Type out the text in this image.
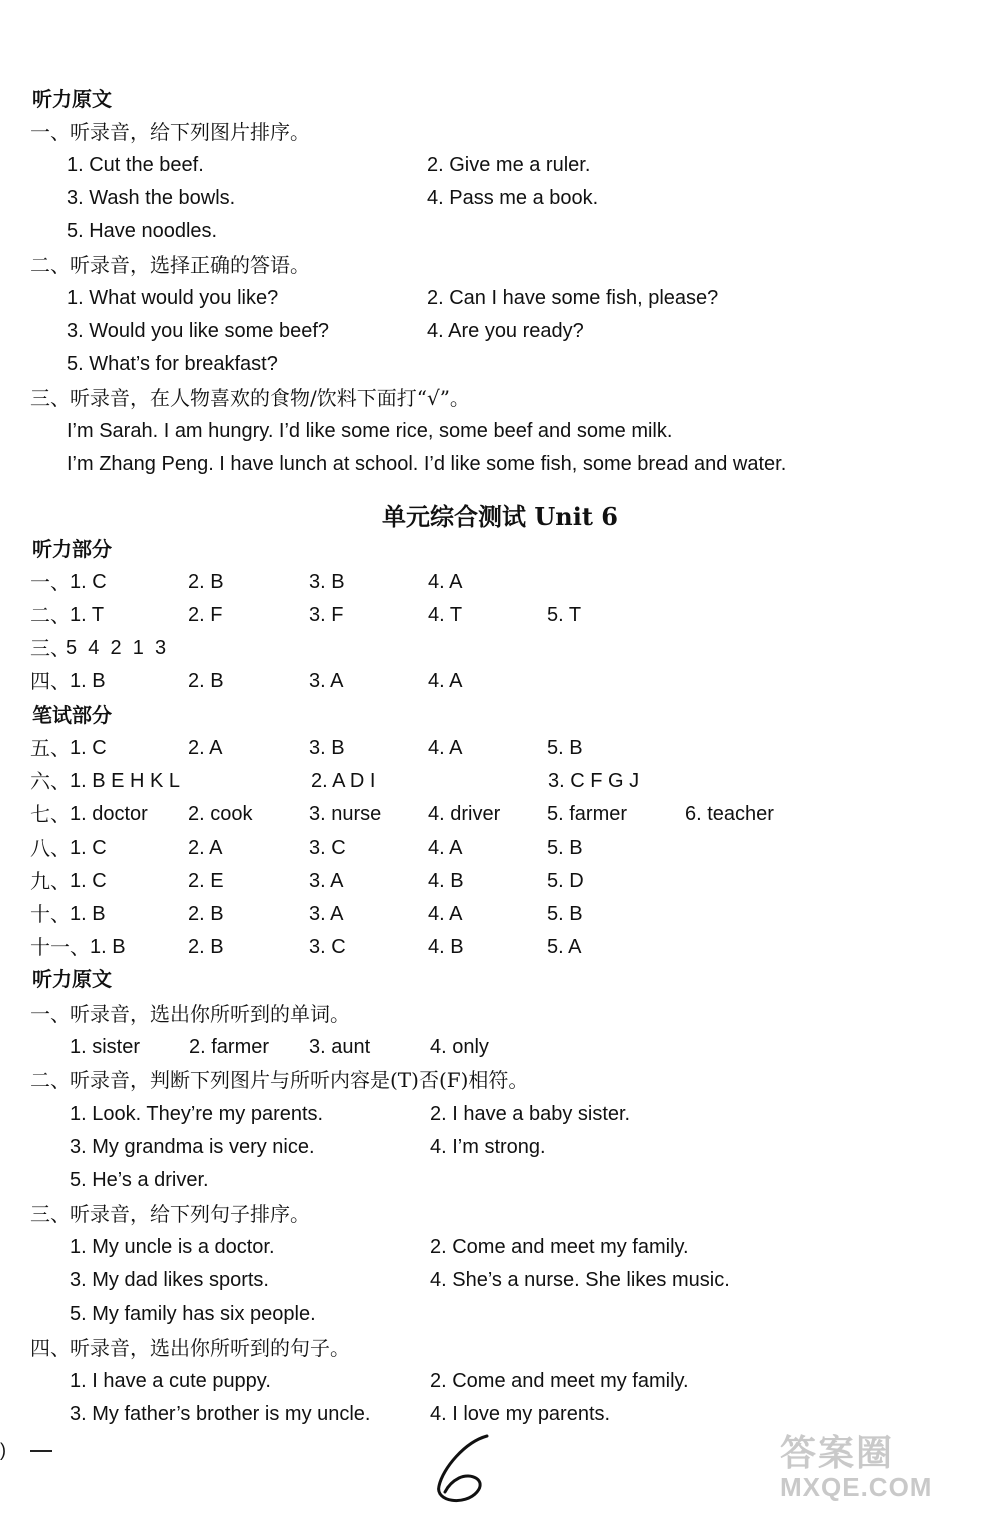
听力原文
一、听录音，给下列图片排序。
1. Cut the beef.	2. Give me a ruler.
3. Wash the bowls.	4. Pass me a book.
5. Have noodles.
二、听录音，选择正确的答语。
1. What would you like?	2. Can I have some fish, please?
3. Would you like some beef?	4. Are you ready?
5. What’s for breakfast?
三、听录音，在人物喜欢的食物/饮料下面打“√”。
I’m Sarah. I am hungry. I’d like some rice, some beef and some milk.
I’m Zhang Peng. I have lunch at school. I’d like some fish, some bread and water.
单元综合测试 Unit 6
听力部分
一、 1. C	2. B	3. B	4. A
二、 1. T	2. F	3. F	4. T	5. T
三、
5  4  2  1  3
四、 1. B	2. B	3. A	4. A
笔试部分
五、 1. C	2. A	3. B	4. A	5. B
六、 1. B E H K L	2. A D I	3. C F G J
七、 1. doctor 2. cook	3. nurse 4. driver 5. farmer	6. teacher
八、 1. C	2. A	3. C	4. A	5. B
九、 1. C	2. E	3. A	4. B	5. D
十、 1. B	2. B	3. A	4. A	5. B
十一、 1. B	2. B	3. C	4. B	5. A
听力原文
一、听录音，选出你所听到的单词。
1. sister 2. farmer 3. aunt	4. only
二、听录音，判断下列图片与所听内容是(T)否(F)相符。
1. Look. They’re my parents.	2. I have a baby sister.
3. My grandma is very nice.	4. I’m strong.
5. He’s a driver.
三、听录音，给下列句子排序。
1. My uncle is a doctor.	2. Come and meet my family.
3. My dad likes sports.	4. She’s a nurse. She likes music.
5. My family has six people.
四、听录音，选出你所听到的句子。
1. I have a cute puppy.	2. Come and meet my family.
3. My father’s brother is my uncle.	4. I love my parents.
)	答案圈
MXQE.COM
